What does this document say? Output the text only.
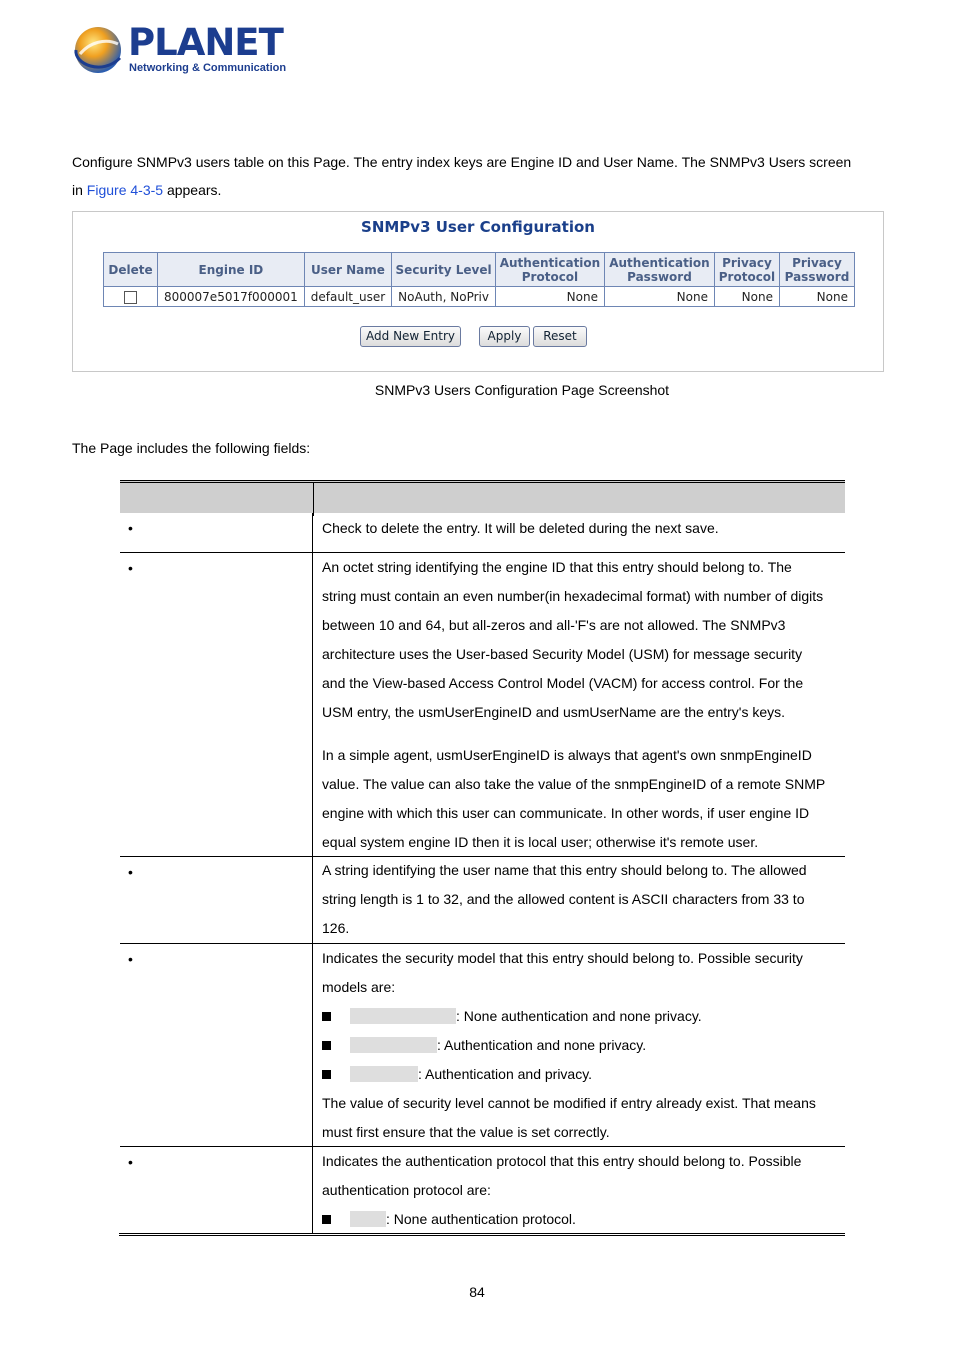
PLANET
Networking & Communication
Configure SNMPv3 users table on this Page. The entry index keys are Engine ID and User Name. The SNMPv3 Users screen
in Figure 4-3-5 appears.
SNMPv3 User Configuration
Delete	Engine ID	User Name	Security Level	Authentication Protocol	Authentication Password	Privacy Protocol	Privacy Password
	800007e5017f000001	default_user	NoAuth, NoPriv	None	None	None	None
Add New Entry	Apply	Reset
SNMPv3 Users Configuration Page Screenshot
The Page includes the following fields:
•	Check to delete the entry. It will be deleted during the next save.

•	An octet string identifying the engine ID that this entry should belong to. The

string must contain an even number(in hexadecimal format) with number of digits

between 10 and 64, but all-zeros and all-'F's are not allowed. The SNMPv3

architecture uses the User-based Security Model (USM) for message security

and the View-based Access Control Model (VACM) for access control. For the

USM entry, the usmUserEngineID and usmUserName are the entry's keys.

In a simple agent, usmUserEngineID is always that agent's own snmpEngineID

value. The value can also take the value of the snmpEngineID of a remote SNMP

engine with which this user can communicate. In other words, if user engine ID

equal system engine ID then it is local user; otherwise it's remote user.

•	A string identifying the user name that this entry should belong to. The allowed

string length is 1 to 32, and the allowed content is ASCII characters from 33 to

126.

•	Indicates the security model that this entry should belong to. Possible security

models are:

: None authentication and none privacy.
: Authentication and none privacy.
: Authentication and privacy.

The value of security level cannot be modified if entry already exist. That means

must first ensure that the value is set correctly.

•	Indicates the authentication protocol that this entry should belong to. Possible

authentication protocol are:

: None authentication protocol.
84
